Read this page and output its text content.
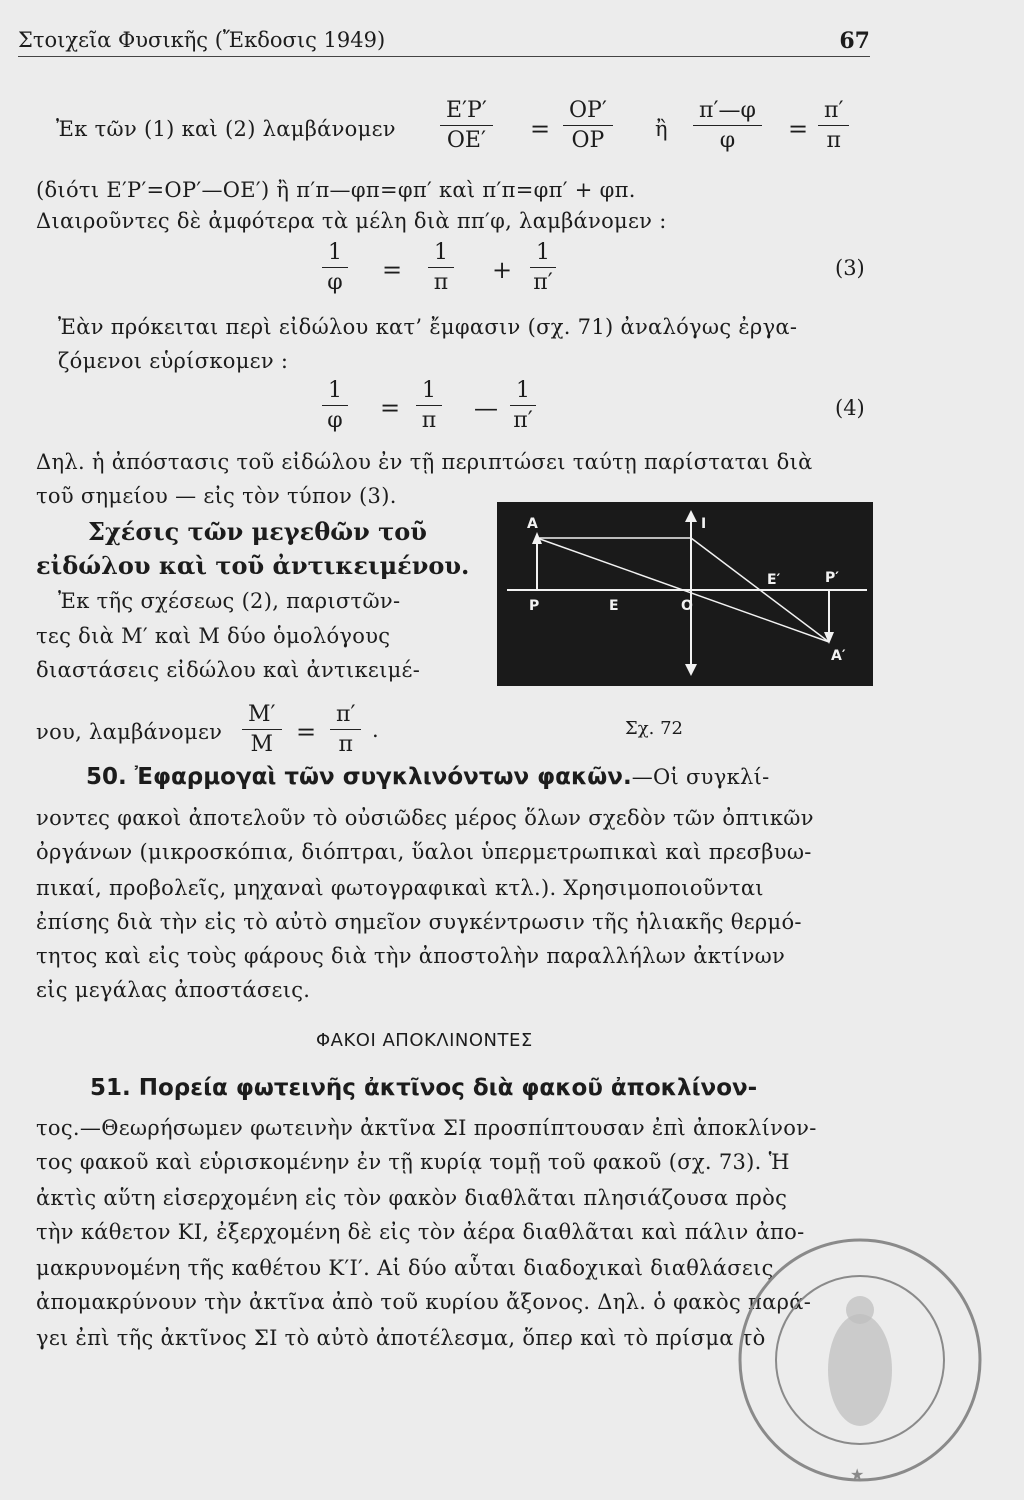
Στοιχεῖα Φυσικῆς (Ἔκδοσις 1949)	67
Ἐκ τῶν (1) καὶ (2) λαμβάνομεν $\frac{E'P'}{OE'} = \frac{OP'}{OP}$ ἢ $\frac{\pi'—\varphi}{\varphi} = \frac{\pi'}{\pi}$
(διότι E′P′=OP′—OE′) ἢ π′π—φπ=φπ′ καὶ π′π=φπ′ + φπ.
Διαιροῦντες δὲ ἀμφότερα τὰ μέλη διὰ ππ′φ, λαμβάνομεν :
$\frac{1}{\varphi} = \frac{1}{\pi} + \frac{1}{\pi'}$	(3)
Ἐὰν πρόκειται περὶ εἰδώλου κατ’ ἔμφασιν (σχ. 71) ἀναλόγως ἐργα-
ζόμενοι εὑρίσκομεν :
$\frac{1}{\varphi} = \frac{1}{\pi}$ — $\frac{1}{\pi'}$	(4)
Δηλ. ἡ ἀπόστασις τοῦ εἰδώλου ἐν τῇ περιπτώσει ταύτῃ παρίσταται διὰ
τοῦ σημείου — εἰς τὸν τύπον (3).
Σχέσις τῶν μεγεθῶν τοῦ
εἰδώλου καὶ τοῦ ἀντικειμένου.
Ἐκ τῆς σχέσεως (2), παριστῶν-
τες διὰ M′ καὶ M δύο ὁμολόγους
διαστάσεις εἰδώλου καὶ ἀντικειμέ-
νου, λαμβάνομεν $\frac{M'}{M} = \frac{\pi'}{\pi}$ .
A	I
E′	P′
P	E	O
A′
Σχ. 72
50. Ἐφαρμογαὶ τῶν συγκλινόντων φακῶν.—Οἱ συγκλί-
νοντες φακοὶ ἀποτελοῦν τὸ οὐσιῶδες μέρος ὅλων σχεδὸν τῶν ὀπτικῶν
ὀργάνων (μικροσκόπια, διόπτραι, ὕαλοι ὑπερμετρωπικαὶ καὶ πρεσβυω-
πικαί, προβολεῖς, μηχαναὶ φωτογραφικαὶ κτλ.). Χρησιμοποιοῦνται
ἐπίσης διὰ τὴν εἰς τὸ αὐτὸ σημεῖον συγκέντρωσιν τῆς ἡλιακῆς θερμό-
τητος καὶ εἰς τοὺς φάρους διὰ τὴν ἀποστολὴν παραλλήλων ἀκτίνων
εἰς μεγάλας ἀποστάσεις.
ΦΑΚΟΙ ΑΠΟΚΛΙΝΟΝΤΕΣ
51. Πορεία φωτεινῆς ἀκτῖνος διὰ φακοῦ ἀποκλίνον-
τος.—Θεωρήσωμεν φωτεινὴν ἀκτῖνα ΣΙ προσπίπτουσαν ἐπὶ ἀποκλίνον-
τος φακοῦ καὶ εὑρισκομένην ἐν τῇ κυρίᾳ τομῇ τοῦ φακοῦ (σχ. 73). Ἡ
ἀκτὶς αὕτη εἰσερχομένη εἰς τὸν φακὸν διαθλᾶται πλησιάζουσα πρὸς
τὴν κάθετον KI, ἐξερχομένη δὲ εἰς τὸν ἀέρα διαθλᾶται καὶ πάλιν ἀπο-
μακρυνομένη τῆς καθέτου K′I′. Αἱ δύο αὗται διαδοχικαὶ διαθλάσεις
ἀπομακρύνουν τὴν ἀκτῖνα ἀπὸ τοῦ κυρίου ἄξονος. Δηλ. ὁ φακὸς παρά-
γει ἐπὶ τῆς ἀκτῖνος ΣΙ τὸ αὐτὸ ἀποτέλεσμα, ὅπερ καὶ τὸ πρίσμα τὸ
★
